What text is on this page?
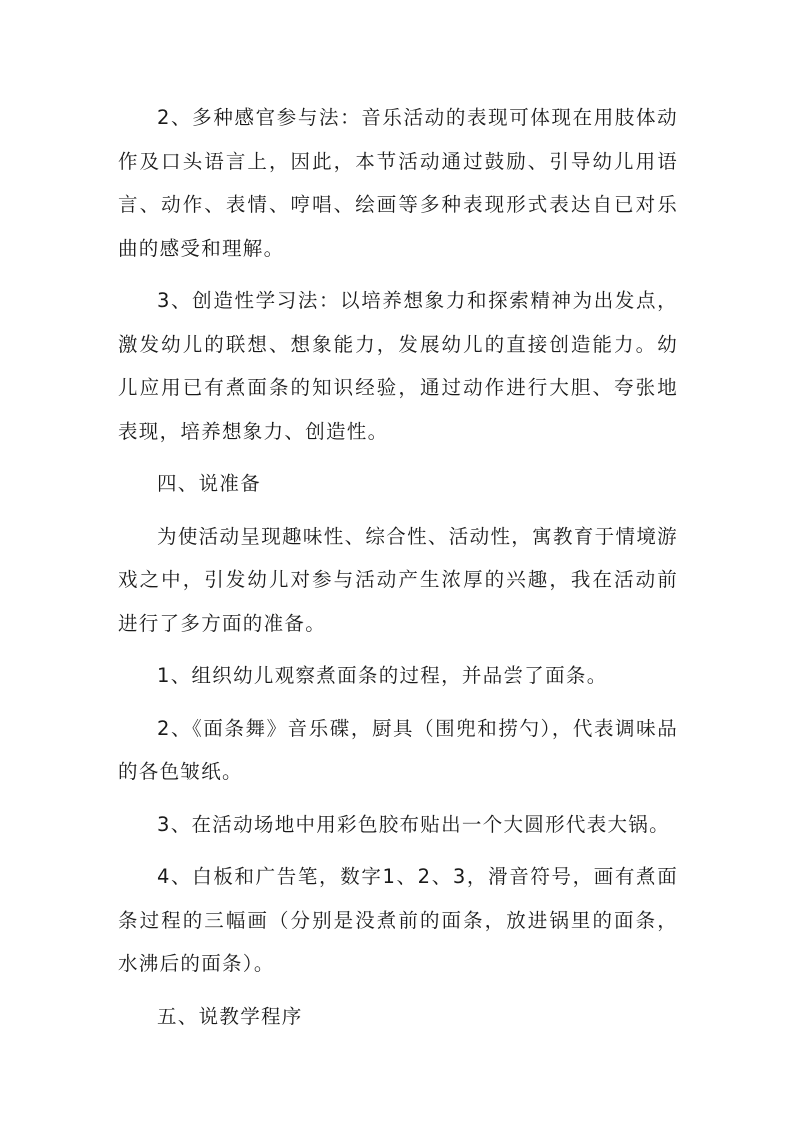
2、多种感官参与法：音乐活动的表现可体现在用肢体动作及口头语言上，因此，本节活动通过鼓励、引导幼儿用语言、动作、表情、哼唱、绘画等多种表现形式表达自已对乐曲的感受和理解。

3、创造性学习法：以培养想象力和探索精神为出发点，激发幼儿的联想、想象能力，发展幼儿的直接创造能力。幼儿应用已有煮面条的知识经验，通过动作进行大胆、夸张地表现，培养想象力、创造性。

四、说准备

为使活动呈现趣味性、综合性、活动性，寓教育于情境游戏之中，引发幼儿对参与活动产生浓厚的兴趣，我在活动前进行了多方面的准备。

1、组织幼儿观察煮面条的过程，并品尝了面条。

2、《面条舞》音乐碟，厨具（围兜和捞勺），代表调味品的各色皱纸。

3、在活动场地中用彩色胶布贴出一个大圆形代表大锅。

4、白板和广告笔，数字1、2、3，滑音符号，画有煮面条过程的三幅画（分别是没煮前的面条，放进锅里的面条，水沸后的面条）。

五、说教学程序
